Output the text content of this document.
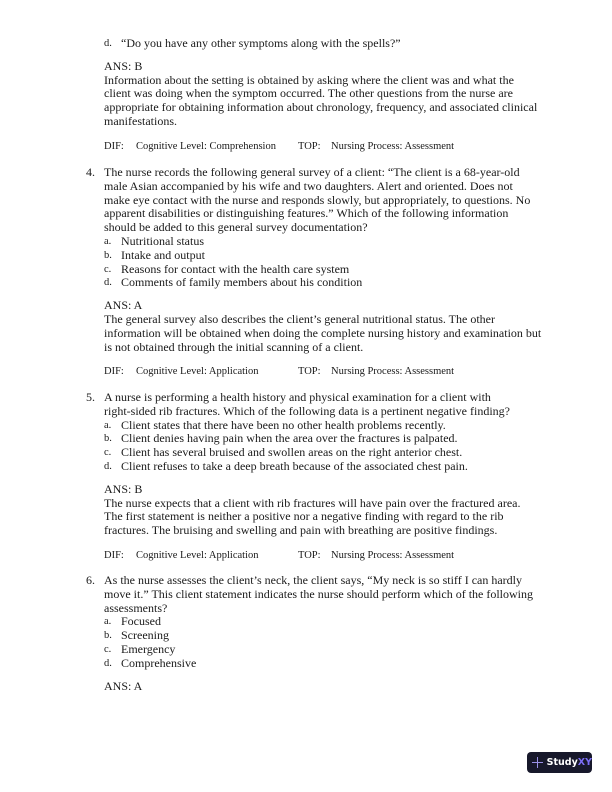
d. “Do you have any other symptoms along with the spells?”
ANS: B
Information about the setting is obtained by asking where the client was and what the
client was doing when the symptom occurred. The other questions from the nurse are
appropriate for obtaining information about chronology, frequency, and associated clinical
manifestations.
DIF: Cognitive Level: Comprehension TOP: Nursing Process: Assessment
4. The nurse records the following general survey of a client: “The client is a 68-year-old
male Asian accompanied by his wife and two daughters. Alert and oriented. Does not
make eye contact with the nurse and responds slowly, but appropriately, to questions. No
apparent disabilities or distinguishing features.” Which of the following information
should be added to this general survey documentation?
a. Nutritional status
b. Intake and output
c. Reasons for contact with the health care system
d. Comments of family members about his condition
ANS: A
The general survey also describes the client’s general nutritional status. The other
information will be obtained when doing the complete nursing history and examination but
is not obtained through the initial scanning of a client.
DIF: Cognitive Level: Application	TOP: Nursing Process: Assessment
5. A nurse is performing a health history and physical examination for a client with
right-sided rib fractures. Which of the following data is a pertinent negative finding?
a. Client states that there have been no other health problems recently.
b. Client denies having pain when the area over the fractures is palpated.
c. Client has several bruised and swollen areas on the right anterior chest.
d. Client refuses to take a deep breath because of the associated chest pain.
ANS: B
The nurse expects that a client with rib fractures will have pain over the fractured area.
The first statement is neither a positive nor a negative finding with regard to the rib
fractures. The bruising and swelling and pain with breathing are positive findings.
DIF: Cognitive Level: Application	TOP: Nursing Process: Assessment
6. As the nurse assesses the client’s neck, the client says, “My neck is so stiff I can hardly
move it.” This client statement indicates the nurse should perform which of the following
assessments?
a. Focused
b. Screening
c. Emergency
d. Comprehensive
ANS: A
Study XY
